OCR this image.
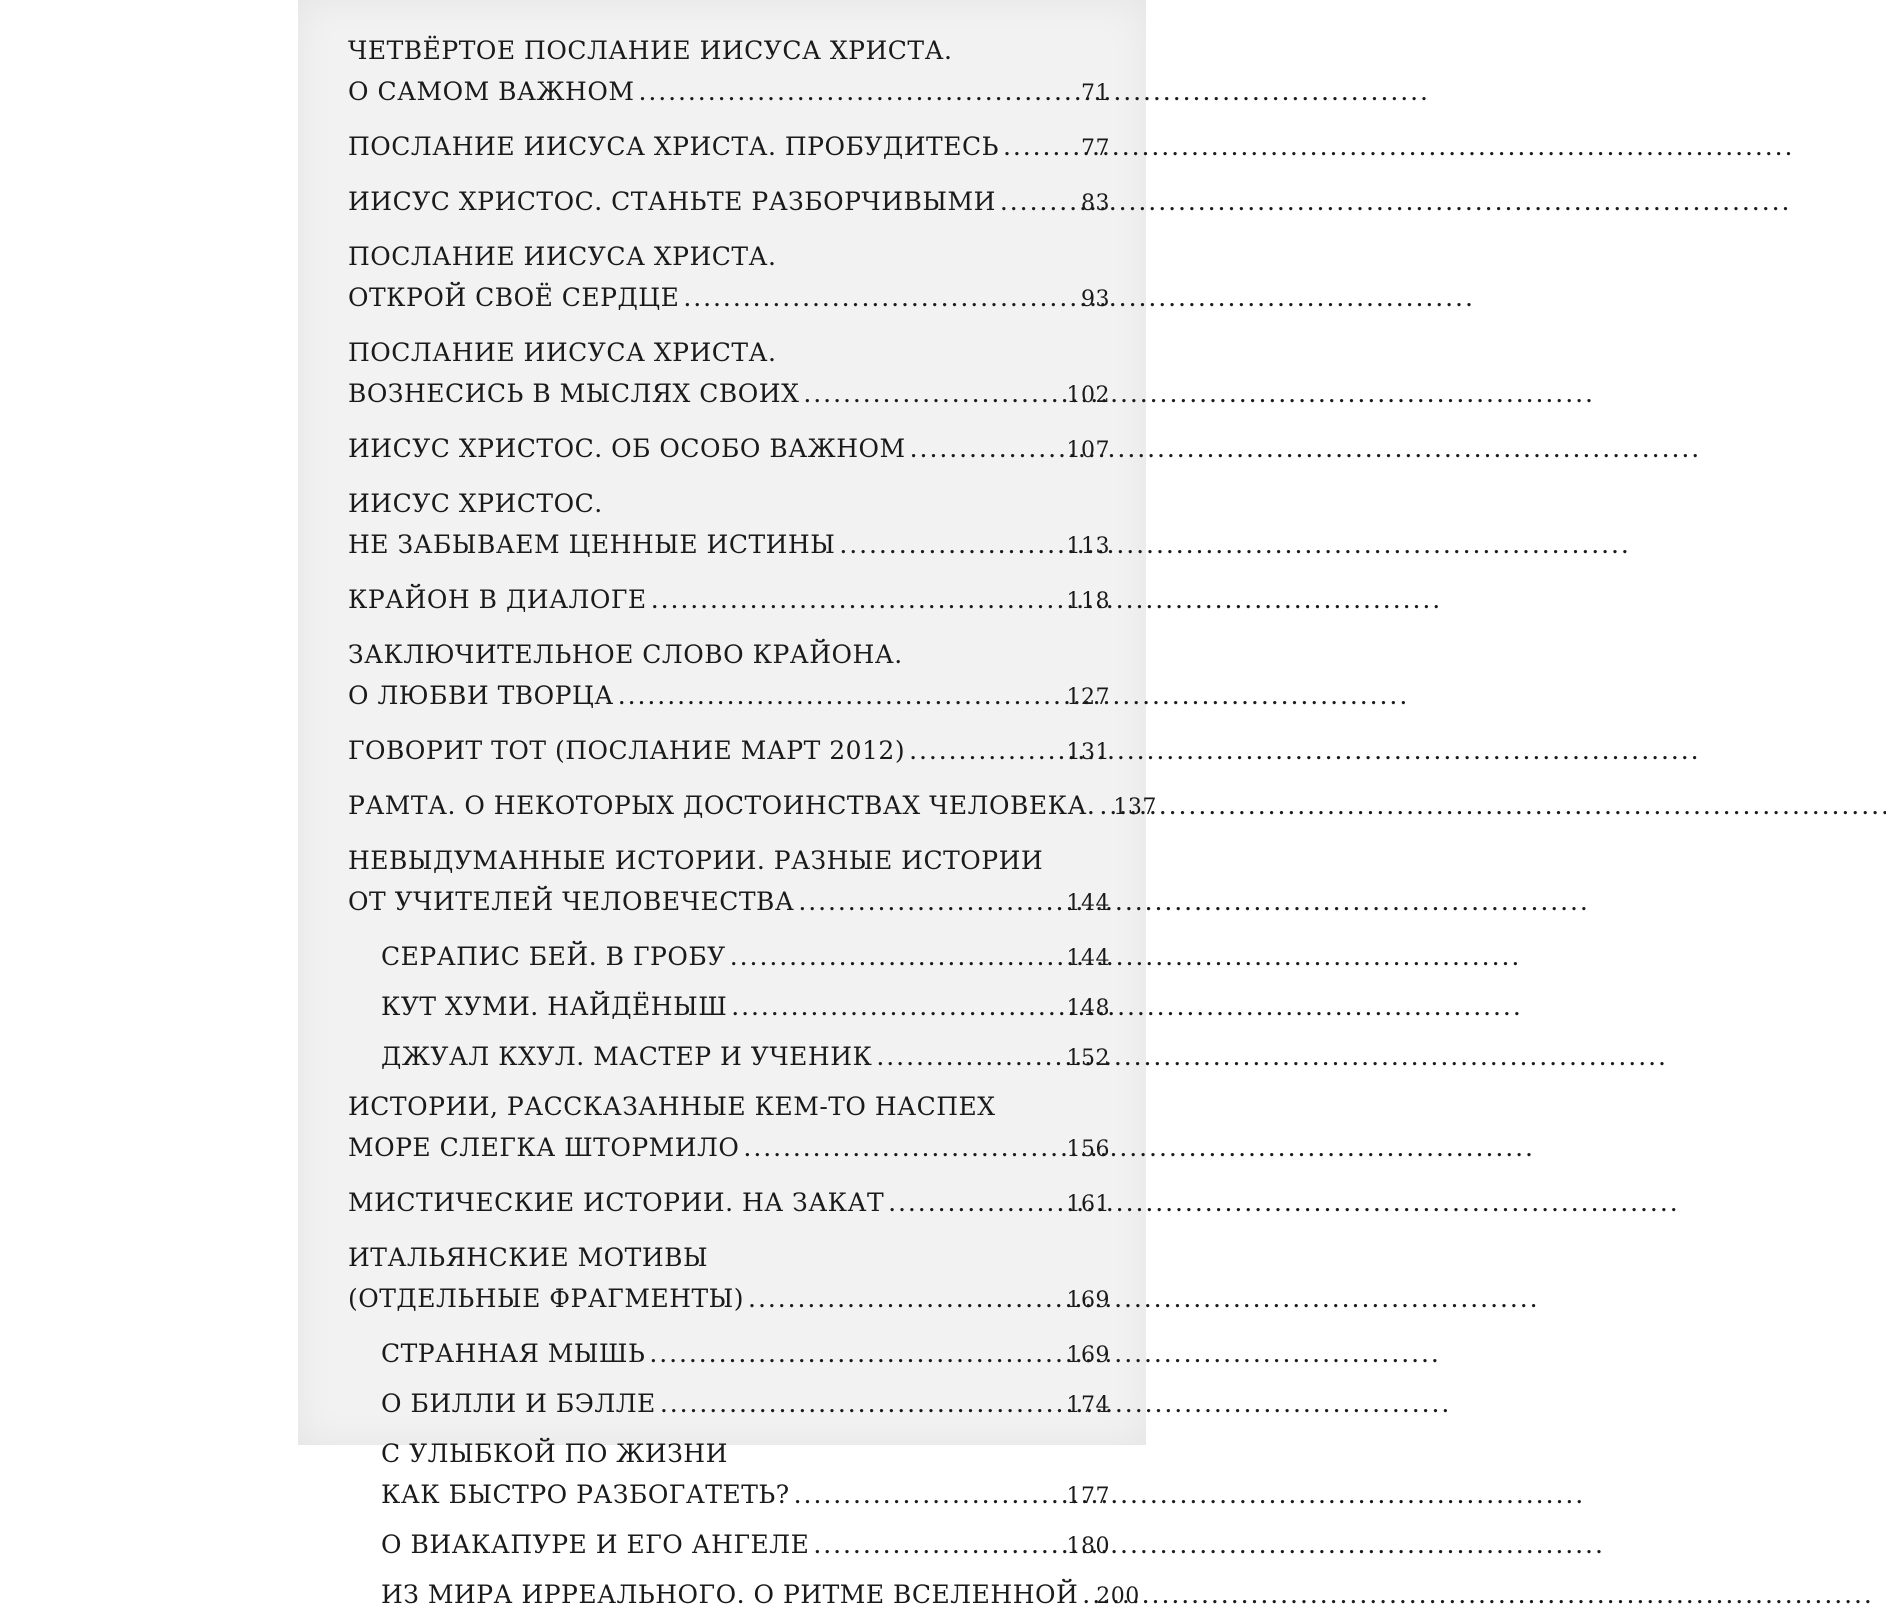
ЧЕТВЁРТОЕ ПОСЛАНИЕ ИИСУСА ХРИСТА.
О САМОМ ВАЖНОМ . . .	71
ПОСЛАНИЕ ИИСУСА ХРИСТА. ПРОБУДИТЕСЬ . . .	77
ИИСУС ХРИСТОС. СТАНЬТЕ РАЗБОРЧИВЫМИ . . .	83
ПОСЛАНИЕ ИИСУСА ХРИСТА.
ОТКРОЙ СВОЁ СЕРДЦЕ . . .	93
ПОСЛАНИЕ ИИСУСА ХРИСТА.
ВОЗНЕСИСЬ В МЫСЛЯХ СВОИХ . . .	102
ИИСУС ХРИСТОС. ОБ ОСОБО ВАЖНОМ . . .	107
ИИСУС ХРИСТОС.
НЕ ЗАБЫВАЕМ ЦЕННЫЕ ИСТИНЫ . . .	113
КРАЙОН В ДИАЛОГЕ . . .	118
ЗАКЛЮЧИТЕЛЬНОЕ СЛОВО КРАЙОНА.
О ЛЮБВИ ТВОРЦА . . .	127
ГОВОРИТ ТОТ (ПОСЛАНИЕ МАРТ 2012) . . .	131
РАМТА. О НЕКОТОРЫХ ДОСТОИНСТВАХ ЧЕЛОВЕКА. . . . 137
НЕВЫДУМАННЫЕ ИСТОРИИ. РАЗНЫЕ ИСТОРИИ
ОТ УЧИТЕЛЕЙ ЧЕЛОВЕЧЕСТВА . . .	144
СЕРАПИС БЕЙ. В ГРОБУ . . .	144
КУТ ХУМИ. НАЙДЁНЫШ . . .	148
ДЖУАЛ КХУЛ. МАСТЕР И УЧЕНИК . . .	152
ИСТОРИИ, РАССКАЗАННЫЕ КЕМ-ТО НАСПЕХ
МОРЕ СЛЕГКА ШТОРМИЛО . . .	156
МИСТИЧЕСКИЕ ИСТОРИИ. НА ЗАКАТ . . .	161
ИТАЛЬЯНСКИЕ МОТИВЫ
(ОТДЕЛЬНЫЕ ФРАГМЕНТЫ) . . .	169
СТРАННАЯ МЫШЬ . . .	169
О БИЛЛИ И БЭЛЛЕ . . .	174
С УЛЫБКОЙ ПО ЖИЗНИ
КАК БЫСТРО РАЗБОГАТЕТЬ? . . .	177
О ВИАКАПУРЕ И ЕГО АНГЕЛЕ . . .	180
ИЗ МИРА ИРРЕАЛЬНОГО. О РИТМЕ ВСЕЛЕННОЙ . . . 200
